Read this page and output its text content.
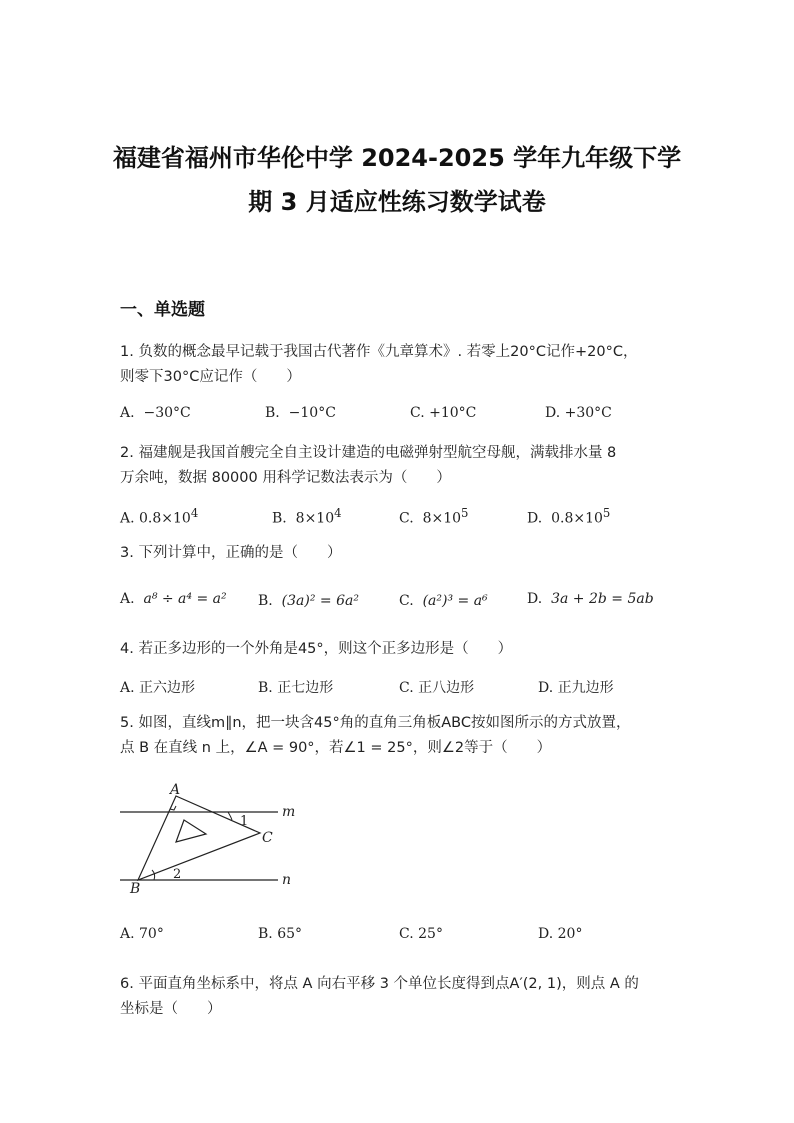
福建省福州市华伦中学 2024-2025 学年九年级下学
期 3 月适应性练习数学试卷
一、单选题
1. 负数的概念最早记载于我国古代著作《九章算术》. 若零上20°C记作+20°C，
则零下30°C应记作（　　）
A. −30°C	B. −10°C	C. +10°C	D. +30°C
2. 福建舰是我国首艘完全自主设计建造的电磁弹射型航空母舰，满载排水量 8
万余吨，数据 80000 用科学记数法表示为（　　）
A. $0.8\times 10^4$	B. $8\times 10^4$	C. $8\times 10^5$	D. $0.8\times 10^5$
3. 下列计算中，正确的是（　　）
A. a⁸ ÷ a⁴ = a² B. (3a)² = 6a²	C. (a²)³ = a⁶	D. 3a + 2b = 5ab
4. 若正多边形的一个外角是45°，则这个正多边形是（　　）
A. 正六边形	B. 正七边形	C. 正八边形	D. 正九边形
5. 如图，直线m∥n，把一块含45°角的直角三角板ABC按如图所示的方式放置，
点 B 在直线 n 上，∠A = 90°，若∠1 = 25°，则∠2等于（　　）
A
B
C
m
n
1
2
A. 70°	B. 65°	C. 25°	D. 20°
6. 平面直角坐标系中，将点 A 向右平移 3 个单位长度得到点A′(2, 1)，则点 A 的
坐标是（　　）
